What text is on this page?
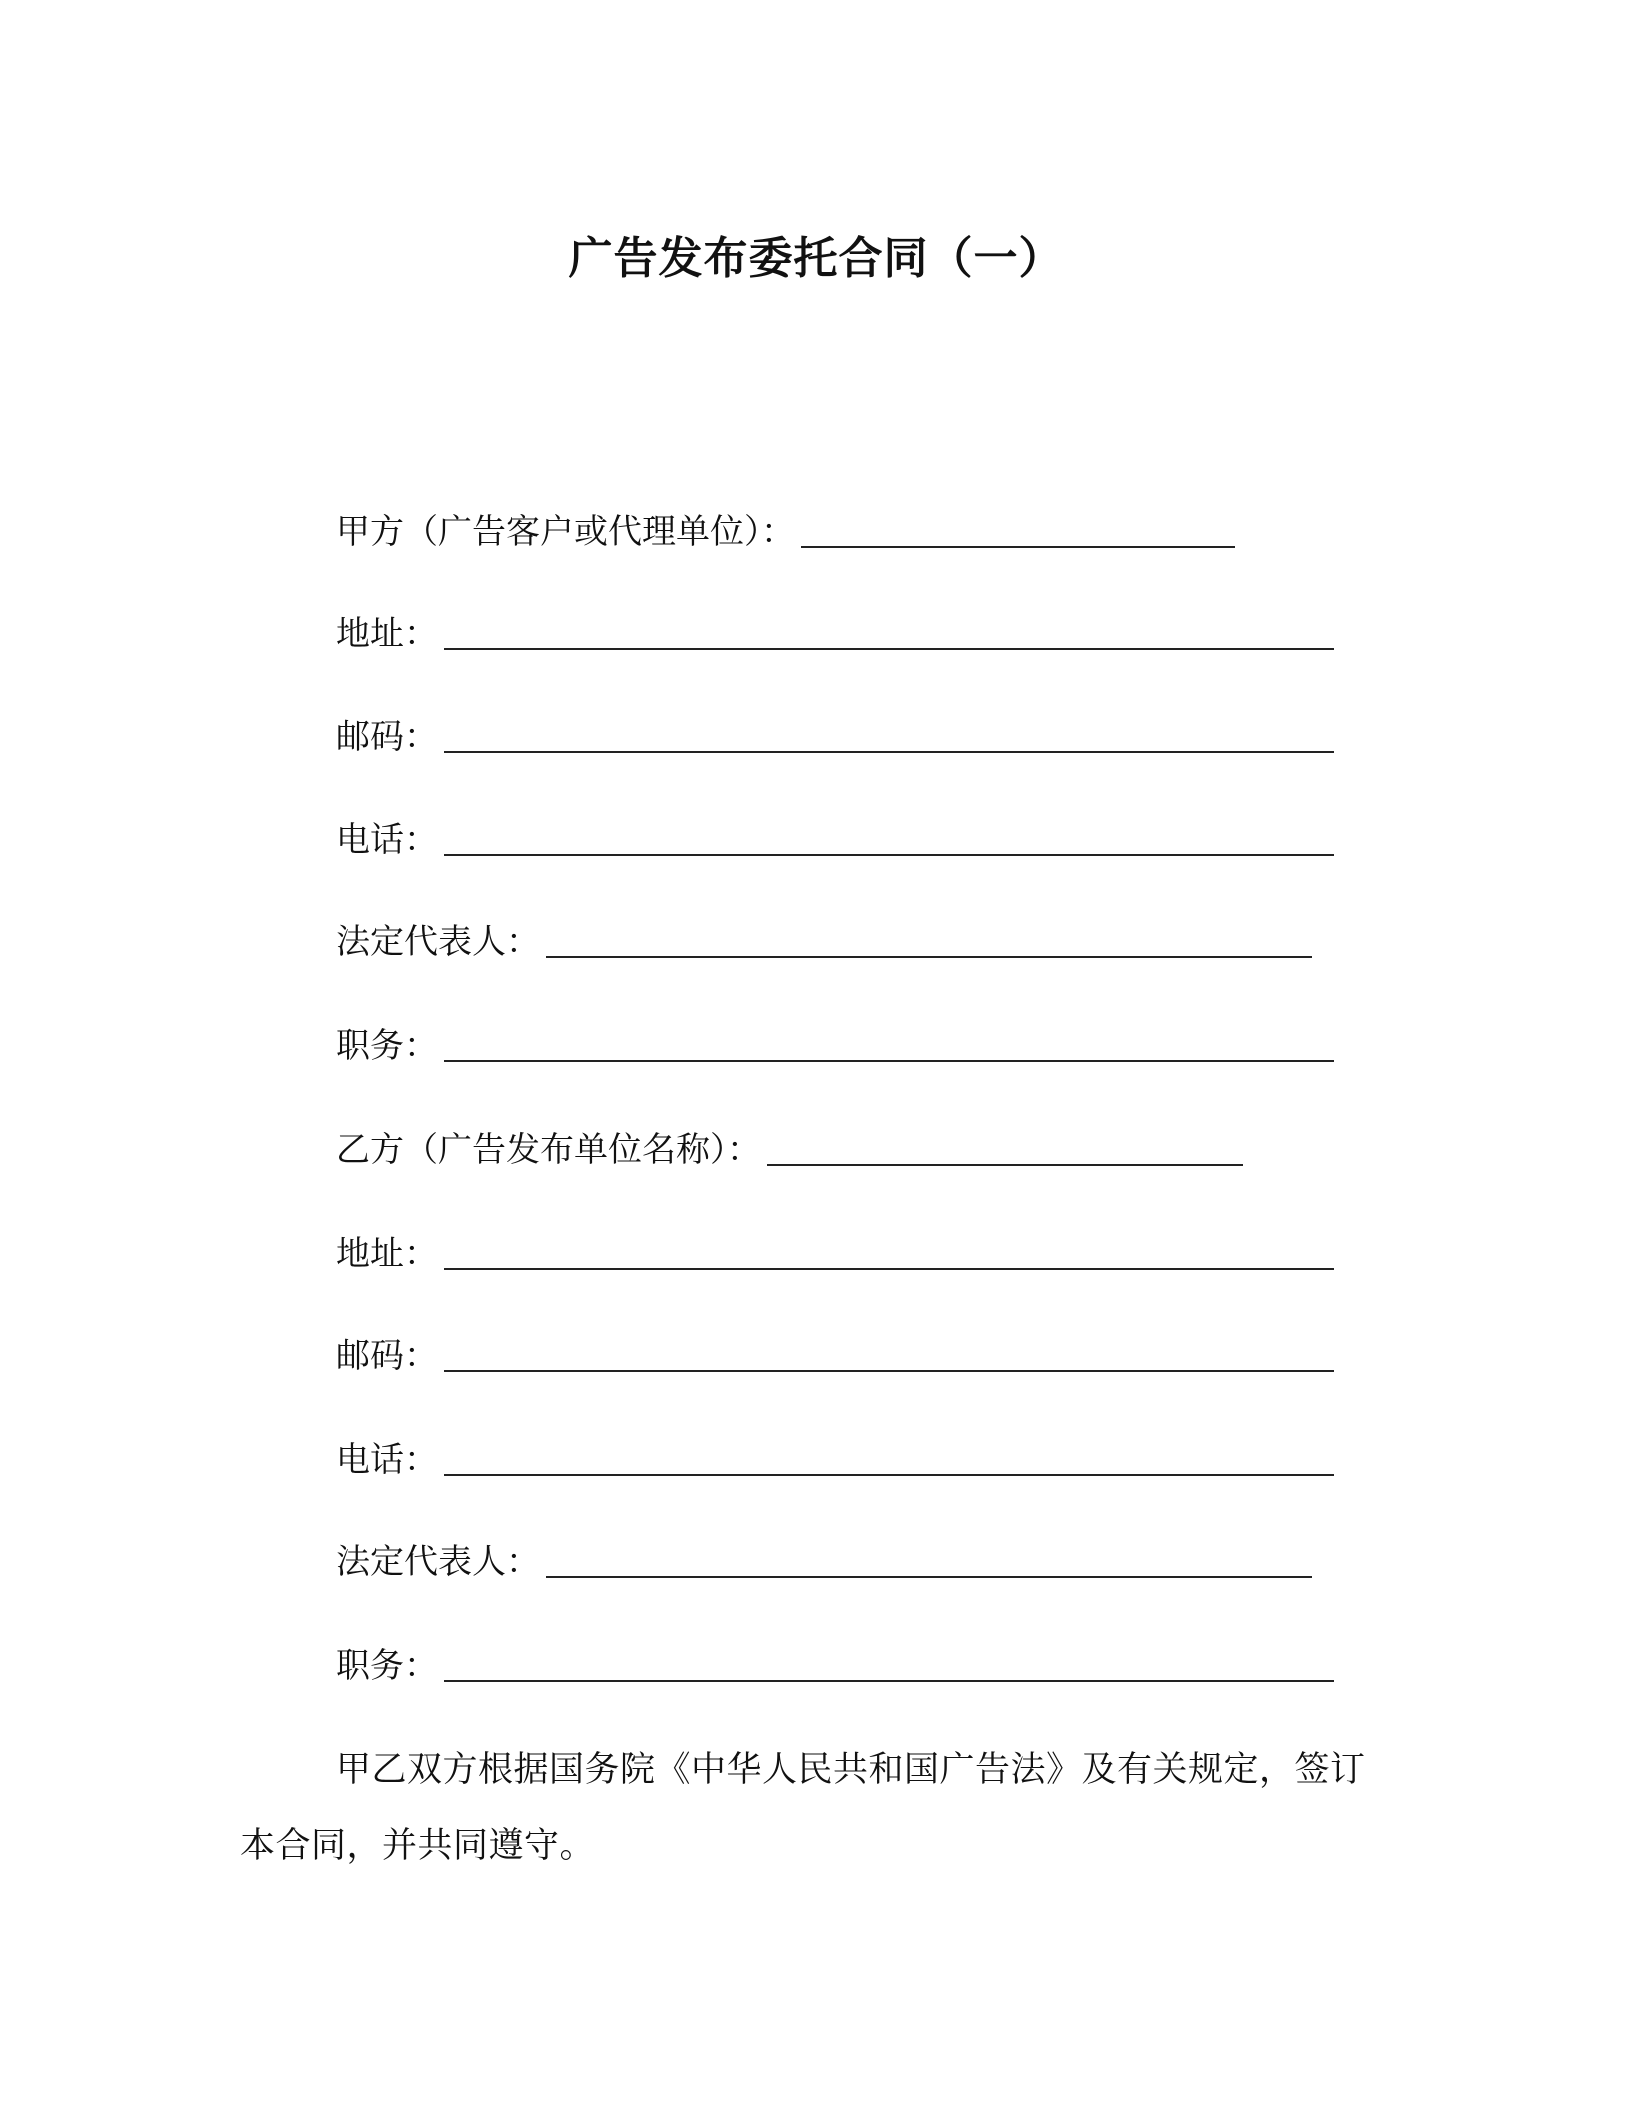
广告发布委托合同（一）
甲方（广告客户或代理单位）：
地址：
邮码：
电话：
法定代表人：
职务：
乙方（广告发布单位名称）：
地址：
邮码：
电话：
法定代表人：
职务：
甲乙双方根据国务院《中华人民共和国广告法》及有关规定，签订本合同，并共同遵守。
